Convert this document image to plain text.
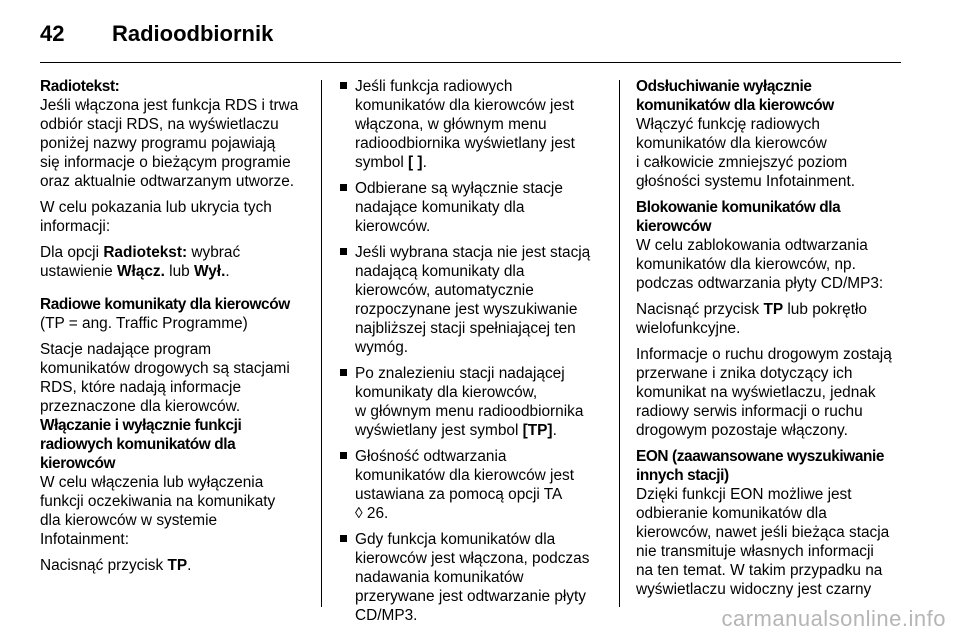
42	Radioodbiornik
Radiotekst:
Jeśli włączona jest funkcja RDS i trwa
odbiór stacji RDS, na wyświetlaczu
poniżej nazwy programu pojawiają
się informacje o bieżącym programie
oraz aktualnie odtwarzanym utworze.
W celu pokazania lub ukrycia tych
informacji:
Dla opcji Radiotekst: wybrać
ustawienie Włącz. lub Wył..
Radiowe komunikaty dla kierowców
(TP = ang. Traffic Programme)
Stacje nadające program
komunikatów drogowych są stacjami
RDS, które nadają informacje
przeznaczone dla kierowców.
Włączanie i wyłącznie funkcji
radiowych komunikatów dla
kierowców
W celu włączenia lub wyłączenia
funkcji oczekiwania na komunikaty
dla kierowców w systemie
Infotainment:
Nacisnąć przycisk TP.
Jeśli funkcja radiowych
komunikatów dla kierowców jest
włączona, w głównym menu
radioodbiornika wyświetlany jest
symbol [ ].
Odbierane są wyłącznie stacje
nadające komunikaty dla
kierowców.
Jeśli wybrana stacja nie jest stacją
nadającą komunikaty dla
kierowców, automatycznie
rozpoczynane jest wyszukiwanie
najbliższej stacji spełniającej ten
wymóg.
Po znalezieniu stacji nadającej
komunikaty dla kierowców,
w głównym menu radioodbiornika
wyświetlany jest symbol [TP].
Głośność odtwarzania
komunikatów dla kierowców jest
ustawiana za pomocą opcji TA
◊ 26.
Gdy funkcja komunikatów dla
kierowców jest włączona, podczas
nadawania komunikatów
przerywane jest odtwarzanie płyty
CD/MP3.
Odsłuchiwanie wyłącznie
komunikatów dla kierowców
Włączyć funkcję radiowych
komunikatów dla kierowców
i całkowicie zmniejszyć poziom
głośności systemu Infotainment.
Blokowanie komunikatów dla
kierowców
W celu zablokowania odtwarzania
komunikatów dla kierowców, np.
podczas odtwarzania płyty CD/MP3:
Nacisnąć przycisk TP lub pokrętło
wielofunkcyjne.
Informacje o ruchu drogowym zostają
przerwane i znika dotyczący ich
komunikat na wyświetlaczu, jednak
radiowy serwis informacji o ruchu
drogowym pozostaje włączony.
EON (zaawansowane wyszukiwanie
innych stacji)
Dzięki funkcji EON możliwe jest
odbieranie komunikatów dla
kierowców, nawet jeśli bieżąca stacja
nie transmituje własnych informacji
na ten temat. W takim przypadku na
wyświetlaczu widoczny jest czarny
carmanualsonline.info
